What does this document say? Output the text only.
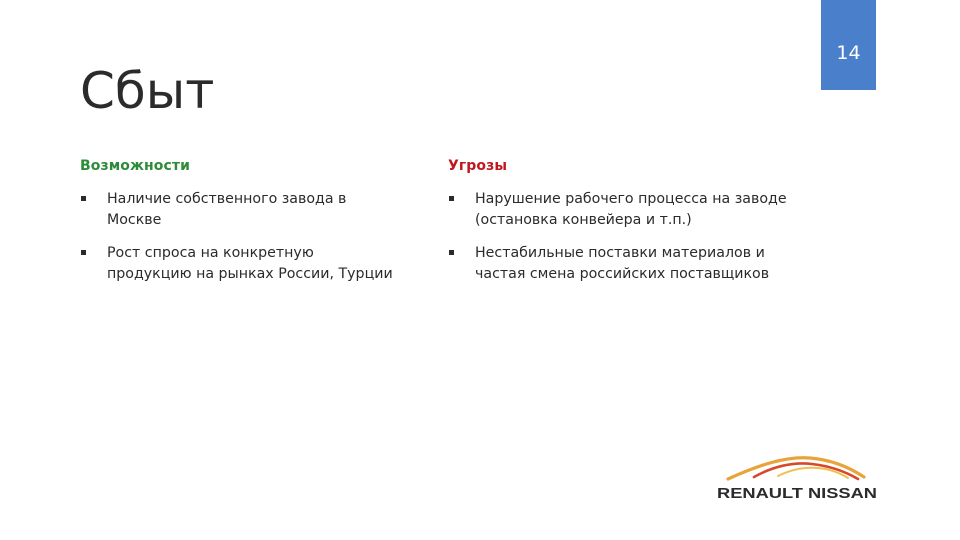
14
Сбыт
Возможности	Угрозы
Наличие собственного завода в Москве
Рост спроса на конкретную продукцию на рынках России, Турции
Нарушение рабочего процесса на заводе (остановка конвейера и т.п.)
Нестабильные поставки материалов и частая смена российских поставщиков
RENAULT NISSAN
